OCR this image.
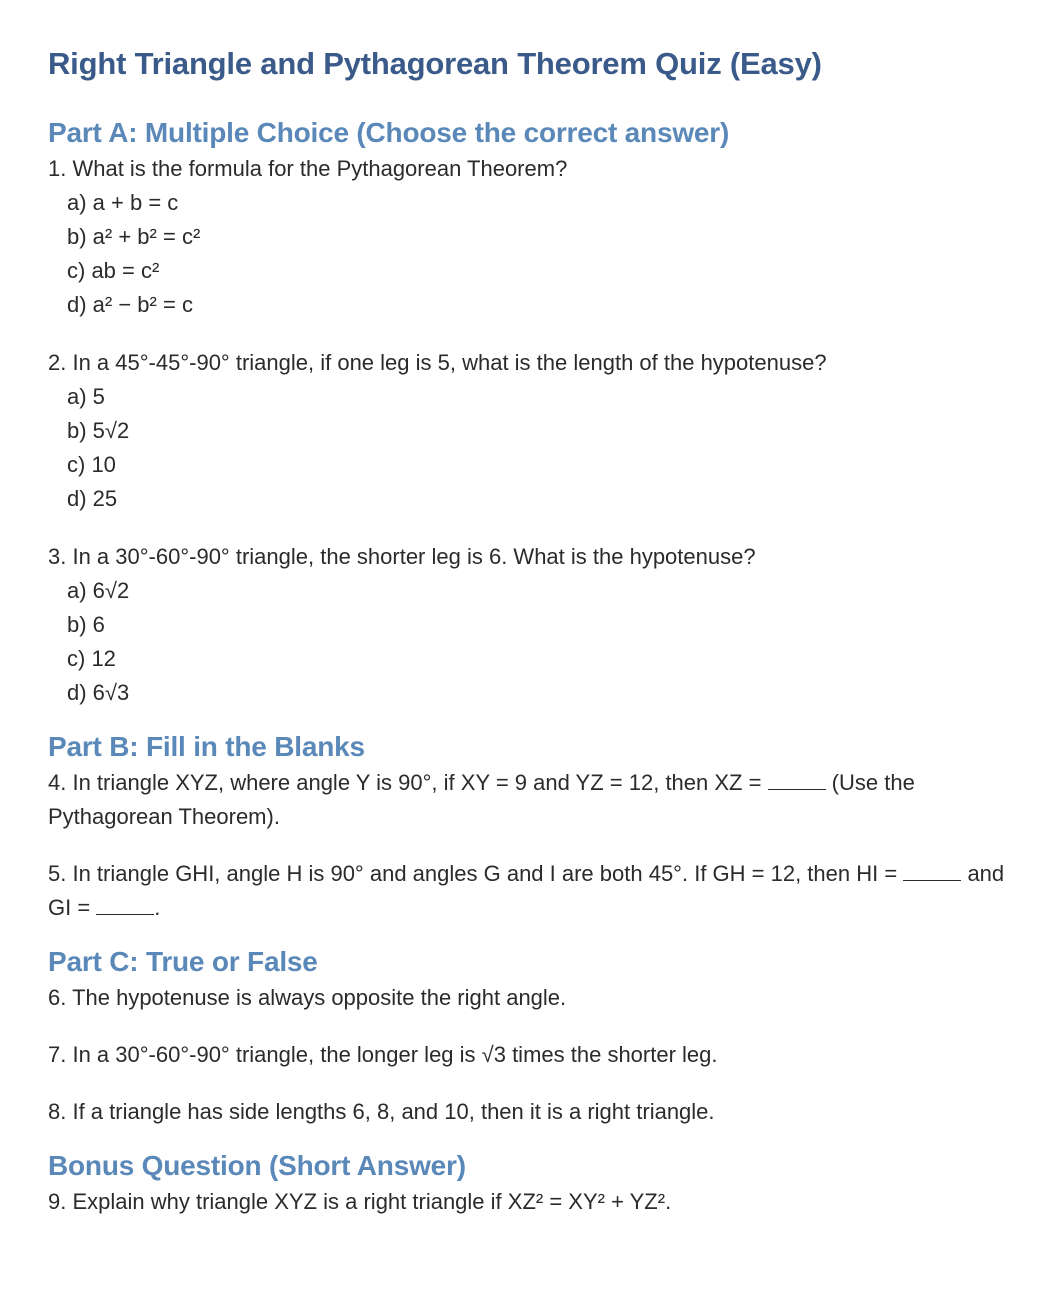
Right Triangle and Pythagorean Theorem Quiz (Easy)
Part A: Multiple Choice (Choose the correct answer)

1. What is the formula for the Pythagorean Theorem?

a) a + b = c
b) a² + b² = c²
c) ab = c²
d) a² − b² = c

2. In a 45°-45°-90° triangle, if one leg is 5, what is the length of the hypotenuse?

a) 5
b) 5√2
c) 10
d) 25

3. In a 30°-60°-90° triangle, the shorter leg is 6. What is the hypotenuse?

a) 6√2
b) 6
c) 12
d) 6√3
Part B: Fill in the Blanks

4. In triangle XYZ, where angle Y is 90°, if XY = 9 and YZ = 12, then XZ =	(Use the Pythagorean Theorem).

5. In triangle GHI, angle H is 90° and angles G and I are both 45°. If GH = 12, then HI =	and GI =	.

Part C: True or False

6. The hypotenuse is always opposite the right angle.

7. In a 30°-60°-90° triangle, the longer leg is √3 times the shorter leg.

8. If a triangle has side lengths 6, 8, and 10, then it is a right triangle.

Bonus Question (Short Answer)

9. Explain why triangle XYZ is a right triangle if XZ² = XY² + YZ².
